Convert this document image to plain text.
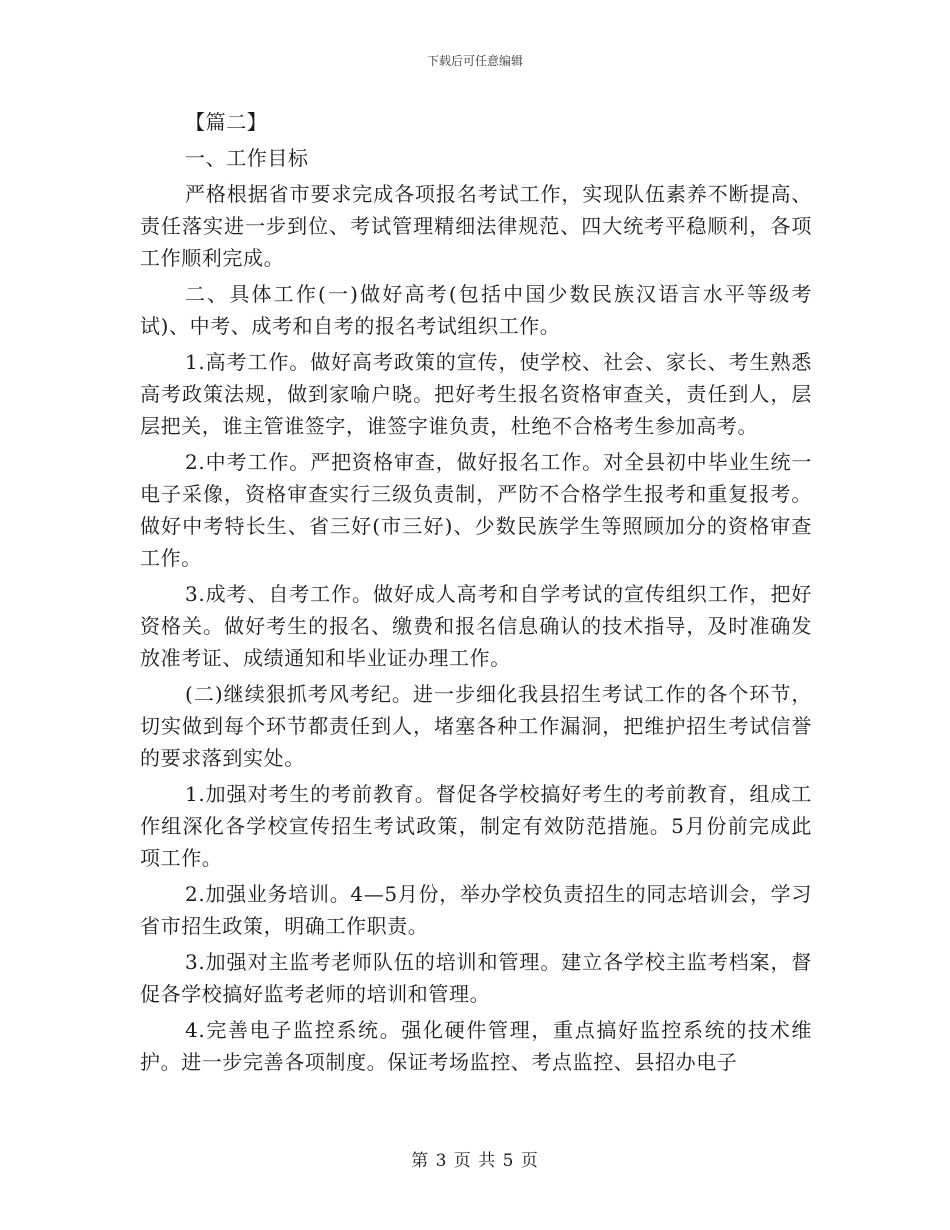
下载后可任意编辑

【篇二】

一、工作目标

严格根据省市要求完成各项报名考试工作，实现队伍素养不断提高、责任落实进一步到位、考试管理精细法律规范、四大统考平稳顺利，各项工作顺利完成。

二、具体工作(一)做好高考(包括中国少数民族汉语言水平等级考试)、中考、成考和自考的报名考试组织工作。

1.高考工作。做好高考政策的宣传，使学校、社会、家长、考生熟悉高考政策法规，做到家喻户晓。把好考生报名资格审查关，责任到人，层层把关，谁主管谁签字，谁签字谁负责，杜绝不合格考生参加高考。

2.中考工作。严把资格审查，做好报名工作。对全县初中毕业生统一电子采像，资格审查实行三级负责制，严防不合格学生报考和重复报考。做好中考特长生、省三好(市三好)、少数民族学生等照顾加分的资格审查工作。

3.成考、自考工作。做好成人高考和自学考试的宣传组织工作，把好资格关。做好考生的报名、缴费和报名信息确认的技术指导，及时准确发放准考证、成绩通知和毕业证办理工作。

(二)继续狠抓考风考纪。进一步细化我县招生考试工作的各个环节，切实做到每个环节都责任到人，堵塞各种工作漏洞，把维护招生考试信誉的要求落到实处。

1.加强对考生的考前教育。督促各学校搞好考生的考前教育，组成工作组深化各学校宣传招生考试政策，制定有效防范措施。5月份前完成此项工作。

2.加强业务培训。4—5月份，举办学校负责招生的同志培训会，学习省市招生政策，明确工作职责。

3.加强对主监考老师队伍的培训和管理。建立各学校主监考档案，督促各学校搞好监考老师的培训和管理。

4.完善电子监控系统。强化硬件管理，重点搞好监控系统的技术维护。进一步完善各项制度。保证考场监控、考点监控、县招办电子

第 3 页 共 5 页
